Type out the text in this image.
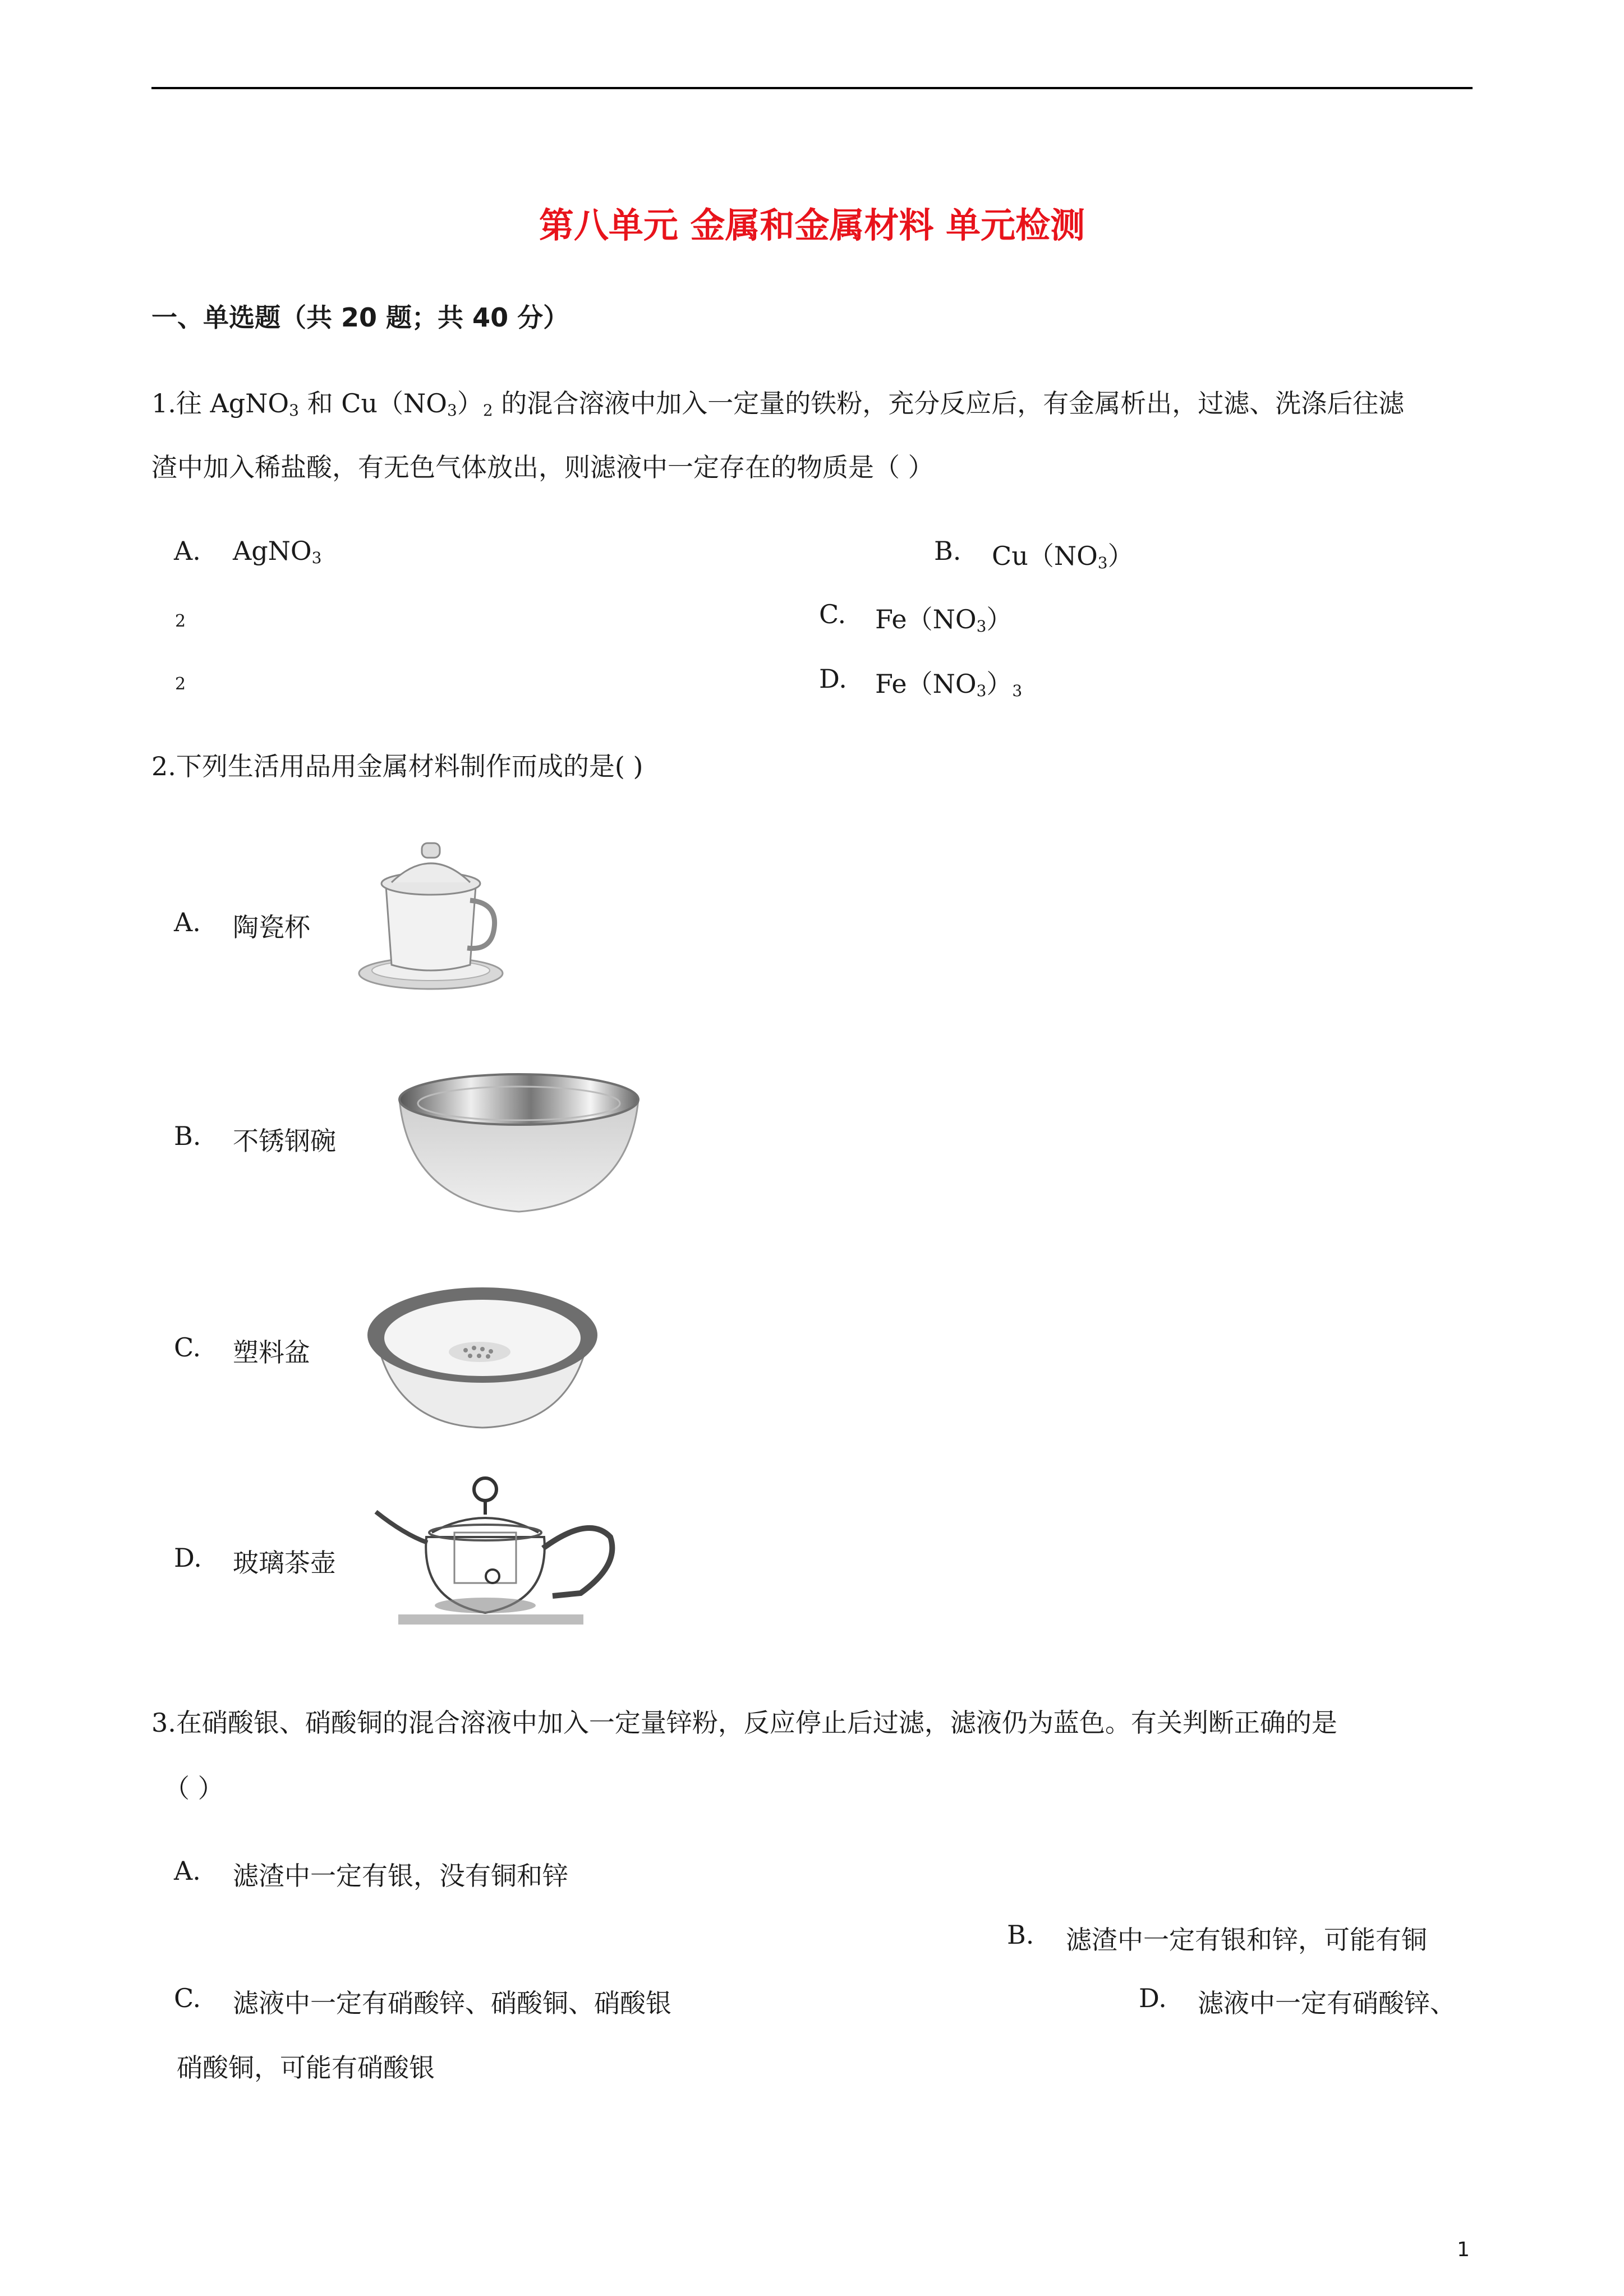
第八单元 金属和金属材料 单元检测
一、单选题（共 20 题；共 40 分）
1.往 AgNO$_3$ 和 $Cu(NO_3)_2$ 的混合溶液中加入一定量的铁粉，充分反应后，有金属析出，过滤、洗涤后往滤
渣中加入稀盐酸，有无色气体放出，则滤液中一定存在的物质是（ ）
A. AgNO$_3$	B. $Cu(NO_3)$
2	C. $Fe(NO_3)$
2	D. $Fe(NO_3)_3$
2.下列生活用品用金属材料制作而成的是( )
A. 陶瓷杯
B. 不锈钢碗
C. 塑料盆
D. 玻璃茶壶
3.在硝酸银、硝酸铜的混合溶液中加入一定量锌粉，反应停止后过滤，滤液仍为蓝色。有关判断正确的是
（ ）
A. 滤渣中一定有银，没有铜和锌
B. 滤渣中一定有银和锌，可能有铜
C. 滤液中一定有硝酸锌、硝酸铜、硝酸银	D. 滤液中一定有硝酸锌、
硝酸铜，可能有硝酸银
1
